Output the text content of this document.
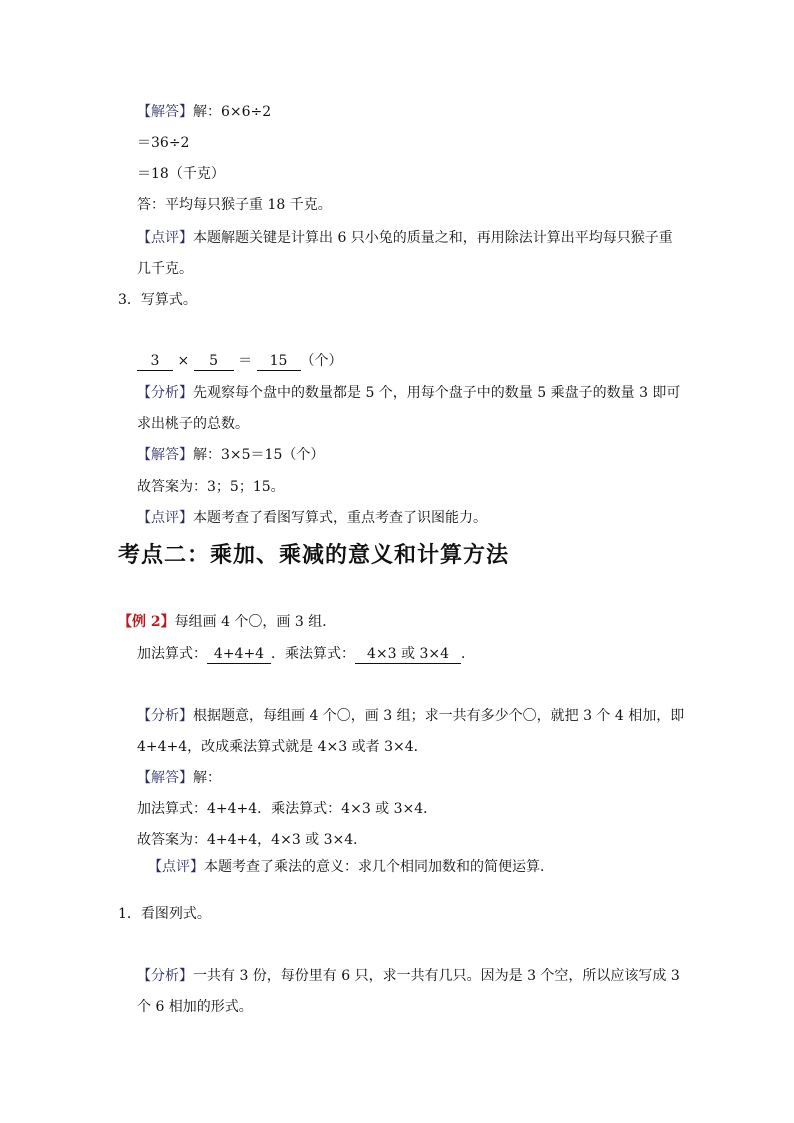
【解答】解：6×6÷2
＝36÷2
＝18（千克）
答：平均每只猴子重 18 千克。
【点评】本题解题关键是计算出 6 只小兔的质量之和，再用除法计算出平均每只猴子重
几千克。
3．写算式。
3 × 5 ＝ 15 （个）
【分析】先观察每个盘中的数量都是 5 个，用每个盘子中的数量 5 乘盘子的数量 3 即可
求出桃子的总数。
【解答】解：3×5＝15（个）
故答案为：3；5；15。
【点评】本题考查了看图写算式，重点考查了识图能力。
考点二：乘加、乘减的意义和计算方法
【例 2】每组画 4 个〇，画 3 组．
加法算式： 4+4+4 ．乘法算式： 4×3 或 3×4 ．
【分析】根据题意，每组画 4 个〇，画 3 组；求一共有多少个〇，就把 3 个 4 相加，即
4+4+4，改成乘法算式就是 4×3 或者 3×4．
【解答】解：
加法算式：4+4+4．乘法算式：4×3 或 3×4．
故答案为：4+4+4，4×3 或 3×4．
【点评】本题考查了乘法的意义：求几个相同加数和的简便运算．
1．看图列式。
【分析】一共有 3 份，每份里有 6 只，求一共有几只。因为是 3 个空，所以应该写成 3
个 6 相加的形式。
